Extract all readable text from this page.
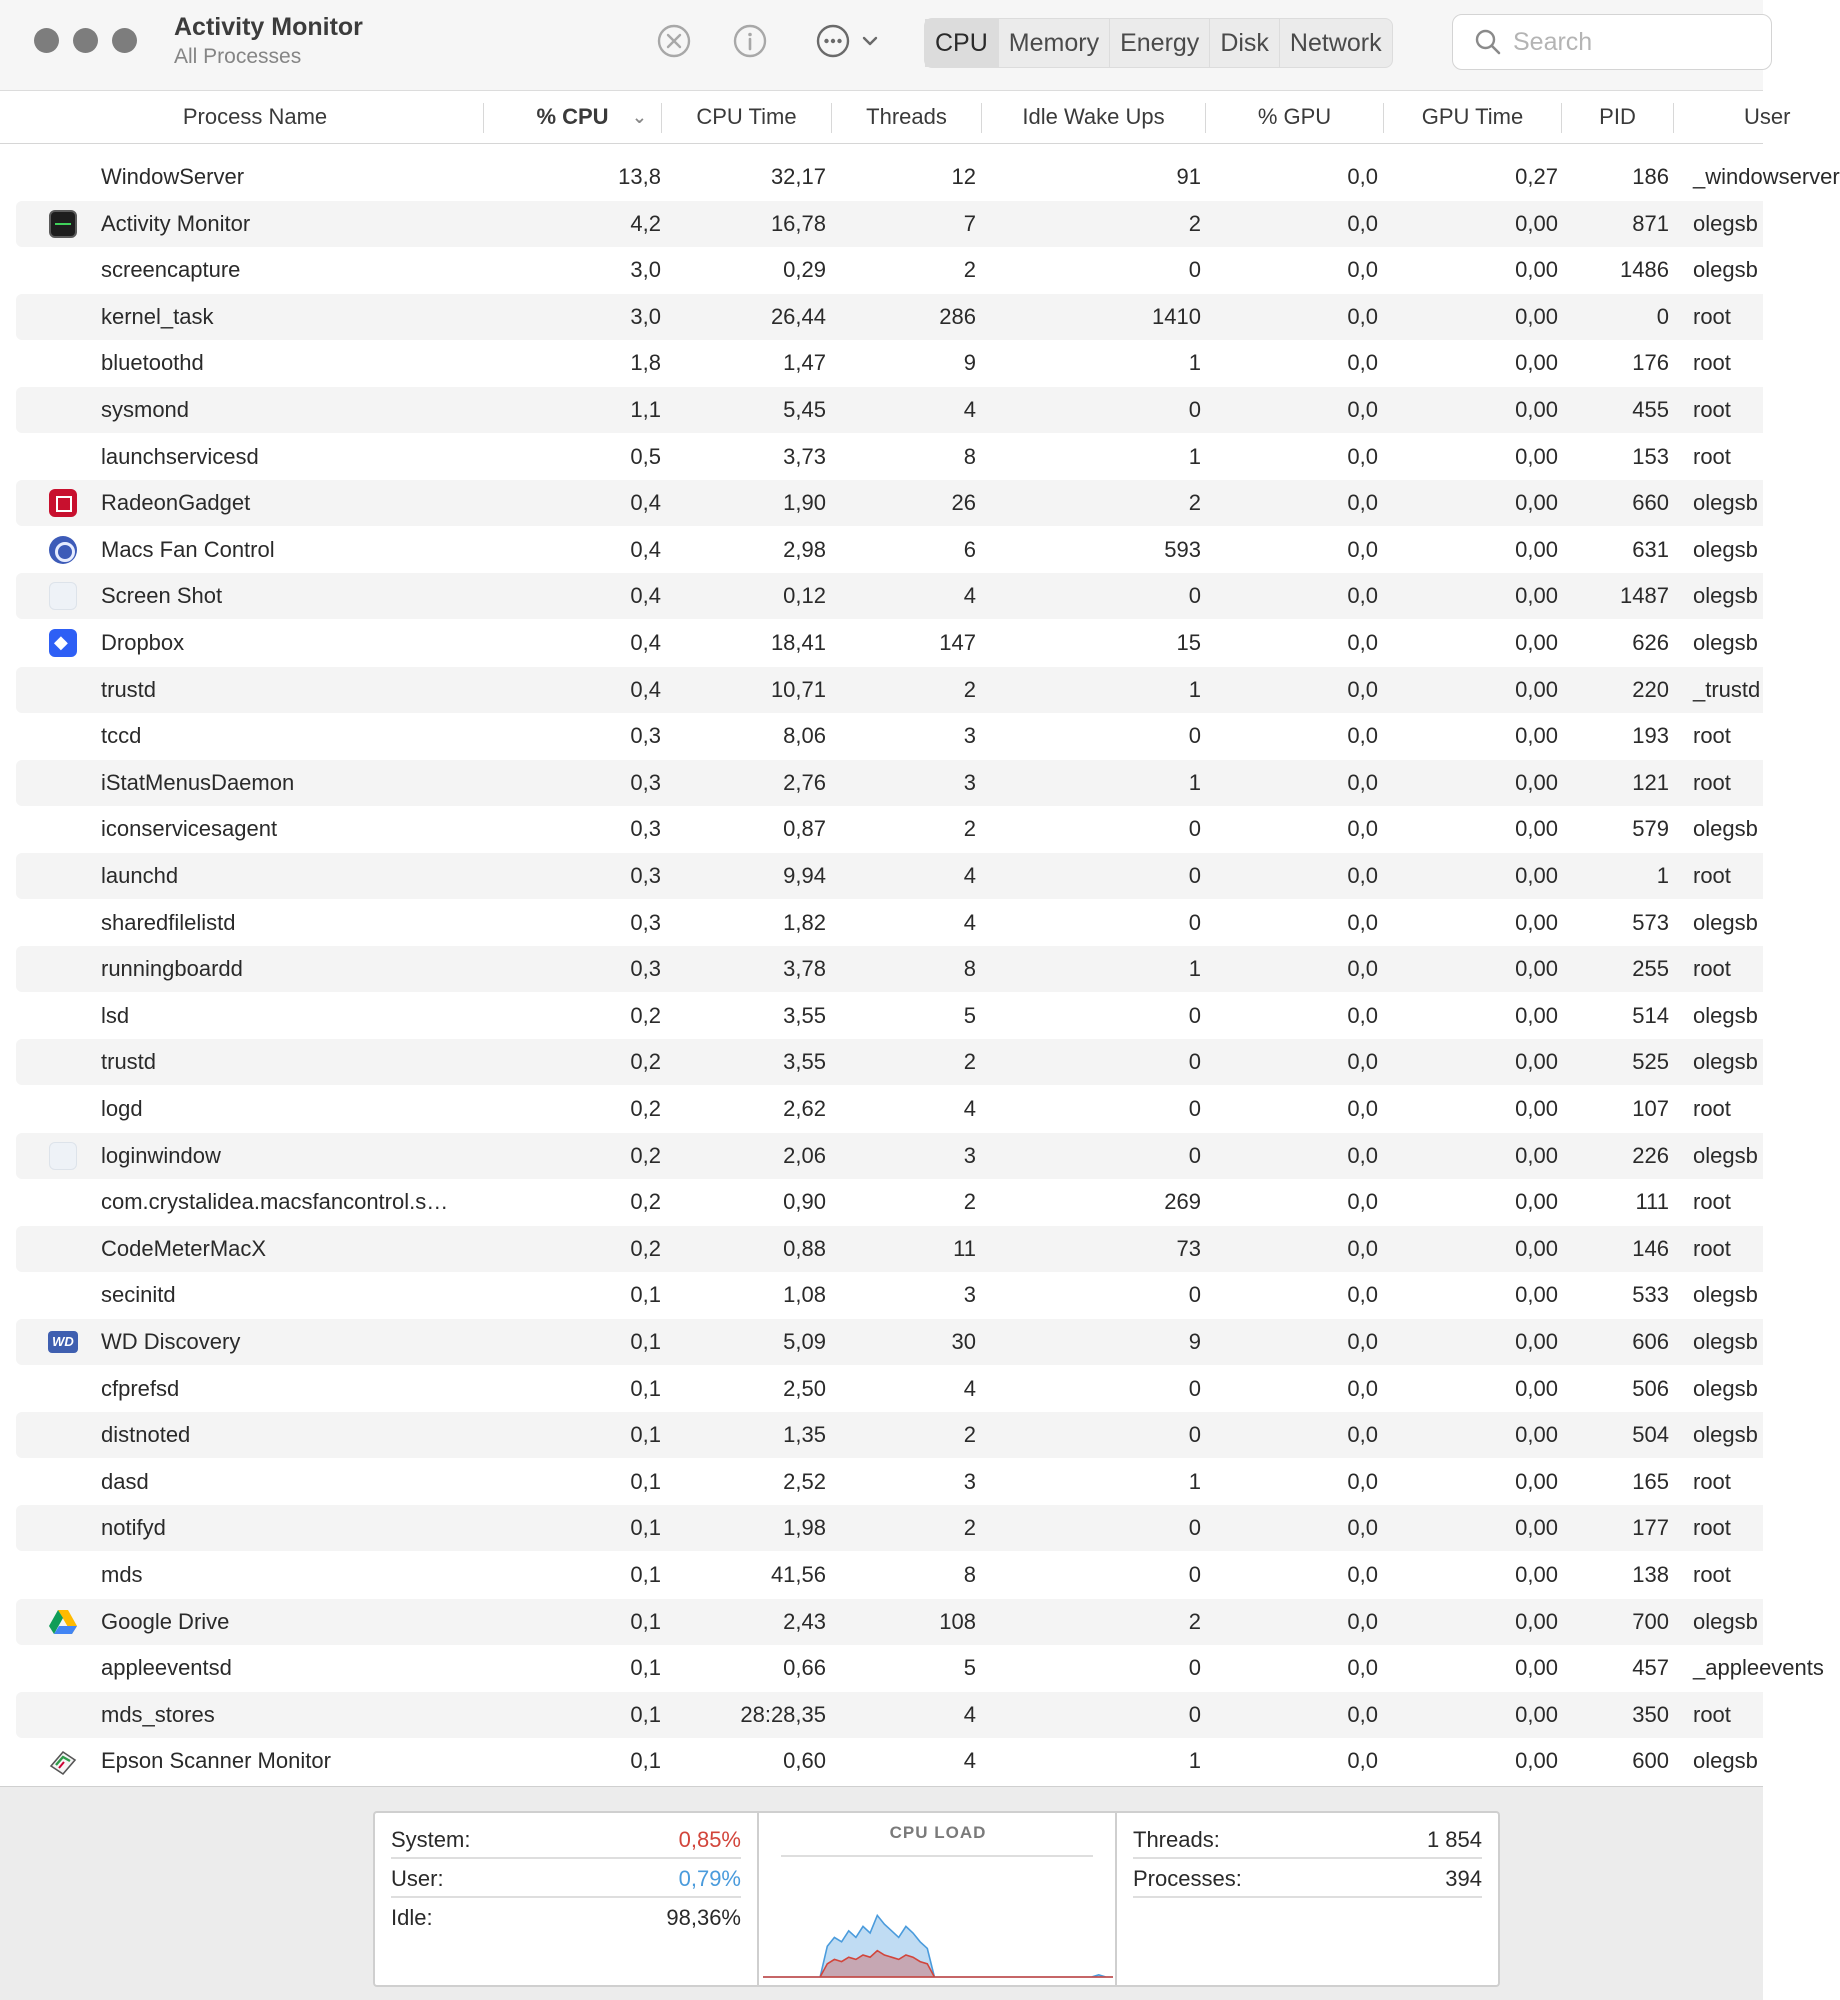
Activity Monitor
All Processes	CPU Memory Energy Disk Network
Search
Process Name	% CPU ⌄	CPU Time	Threads	Idle Wake Ups	% GPU	GPU Time	PID	User
WindowServer	13,8	32,17	12	91	0,0	0,27	186 _windowserver
Activity Monitor	4,2	16,78	7	2	0,0	0,00	871 olegsb
screencapture	3,0	0,29	2	0	0,0	0,00	1486 olegsb
kernel_task	3,0	26,44	286	1410	0,0	0,00	0 root
bluetoothd	1,8	1,47	9	1	0,0	0,00	176 root
sysmond	1,1	5,45	4	0	0,0	0,00	455 root
launchservicesd	0,5	3,73	8	1	0,0	0,00	153 root
RadeonGadget	0,4	1,90	26	2	0,0	0,00	660 olegsb
Macs Fan Control	0,4	2,98	6	593	0,0	0,00	631 olegsb
Screen Shot	0,4	0,12	4	0	0,0	0,00	1487 olegsb
◆
Dropbox	0,4	18,41	147	15	0,0	0,00	626 olegsb
trustd	0,4	10,71	2	1	0,0	0,00	220 _trustd
tccd	0,3	8,06	3	0	0,0	0,00	193 root
iStatMenusDaemon	0,3	2,76	3	1	0,0	0,00	121 root
iconservicesagent	0,3	0,87	2	0	0,0	0,00	579 olegsb
launchd	0,3	9,94	4	0	0,0	0,00	1 root
sharedfilelistd	0,3	1,82	4	0	0,0	0,00	573 olegsb
runningboardd	0,3	3,78	8	1	0,0	0,00	255 root
lsd	0,2	3,55	5	0	0,0	0,00	514 olegsb
trustd	0,2	3,55	2	0	0,0	0,00	525 olegsb
logd	0,2	2,62	4	0	0,0	0,00	107 root
loginwindow	0,2	2,06	3	0	0,0	0,00	226 olegsb
com.crystalidea.macsfancontrol.s…	0,2	0,90	2	269	0,0	0,00	111 root
CodeMeterMacX	0,2	0,88	11	73	0,0	0,00	146 root
secinitd	0,1	1,08	3	0	0,0	0,00	533 olegsb
WD WD Discovery	0,1	5,09	30	9	0,0	0,00	606 olegsb
cfprefsd	0,1	2,50	4	0	0,0	0,00	506 olegsb
distnoted	0,1	1,35	2	0	0,0	0,00	504 olegsb
dasd	0,1	2,52	3	1	0,0	0,00	165 root
notifyd	0,1	1,98	2	0	0,0	0,00	177 root
mds	0,1	41,56	8	0	0,0	0,00	138 root
Google Drive	0,1	2,43	108	2	0,0	0,00	700 olegsb
appleeventsd	0,1	0,66	5	0	0,0	0,00	457 _appleevents
mds_stores	0,1	28:28,35	4	0	0,0	0,00	350 root
Epson Scanner Monitor	0,1	0,60	4	1	0,0	0,00	600 olegsb
System:	0,85%
User:	0,79%
Idle:	98,36%
CPU LOAD	Threads:	1 854
Processes:	394
